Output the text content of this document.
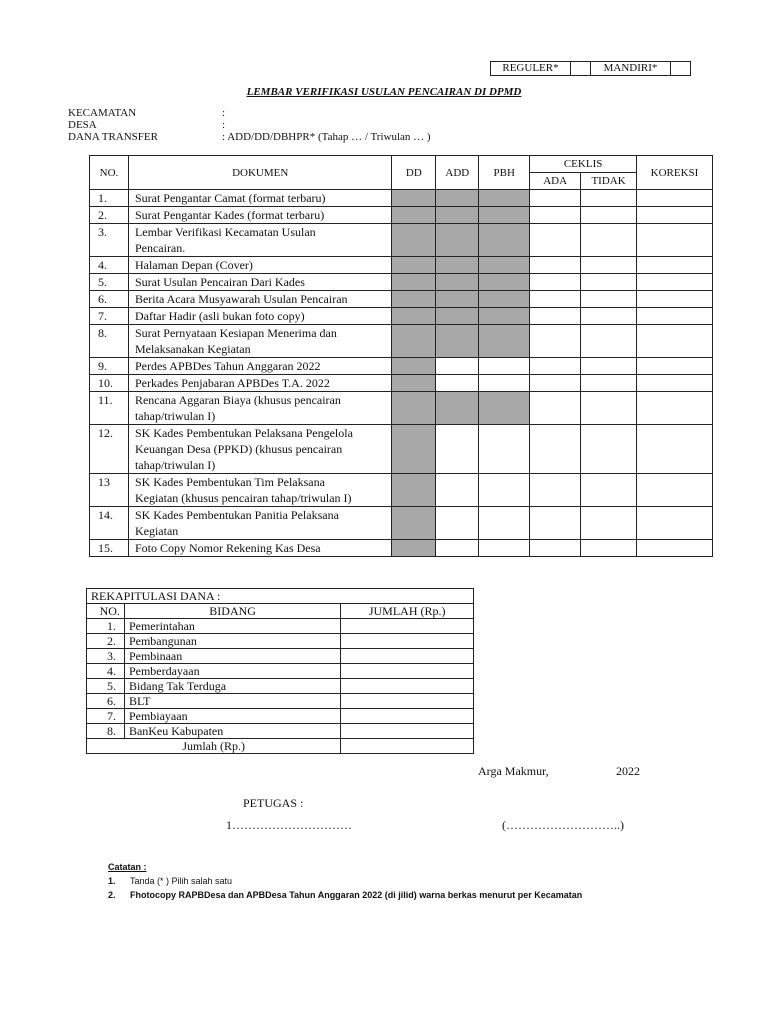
REGULER*		MANDIRI*	
LEMBAR VERIFIKASI USULAN PENCAIRAN DI DPMD
KECAMATAN	:
DESA	:
DANA TRANSFER	: ADD/DD/DBHPR* (Tahap … / Triwulan … )
NO.	DOKUMEN	DD	ADD	PBH	CEKLIS		KOREKSI
					ADA	TIDAK	
1.	Surat Pengantar Camat (format terbaru)						

2.	Surat Pengantar Kades (format terbaru)						

3.	Lembar Verifikasi Kecamatan Usulan
Pencairan.						

4.	Halaman Depan (Cover)						

5.	Surat Usulan Pencairan Dari Kades						

6.	Berita Acara Musyawarah Usulan Pencairan						

7.	Daftar Hadir (asli bukan foto copy)						

8.	Surat Pernyataan Kesiapan Menerima dan
Melaksanakan Kegiatan						

9.	Perdes APBDes Tahun Anggaran 2022						

10.	Perkades Penjabaran APBDes T.A. 2022						

11.	Rencana Aggaran Biaya (khusus pencairan
tahap/triwulan I)						

12.	SK Kades Pembentukan Pelaksana Pengelola
Keuangan Desa (PPKD) (khusus pencairan
tahap/triwulan I)						

13	SK Kades Pembentukan Tim Pelaksana
Kegiatan (khusus pencairan tahap/triwulan I)						

14.	SK Kades Pembentukan Panitia Pelaksana
Kegiatan						

15.	Foto Copy Nomor Rekening Kas Desa						

REKAPITULASI DANA :		
NO.	BIDANG	JUMLAH (Rp.)
1.	Pemerintahan	
2.	Pembangunan	
3.	Pembinaan	
4.	Pemberdayaan	
5.	Bidang Tak Terduga	
6.	BLT	
7.	Pembiayaan	
8.	BanKeu Kabupaten	
Jumlah (Rp.)		
Arga Makmur,	2022
PETUGAS :
1…………………………	(………………………..)
Catatan :
1. Tanda (* ) Pilih salah satu
2. Fhotocopy RAPBDesa dan APBDesa Tahun Anggaran 2022 (di jilid) warna berkas menurut per Kecamatan
